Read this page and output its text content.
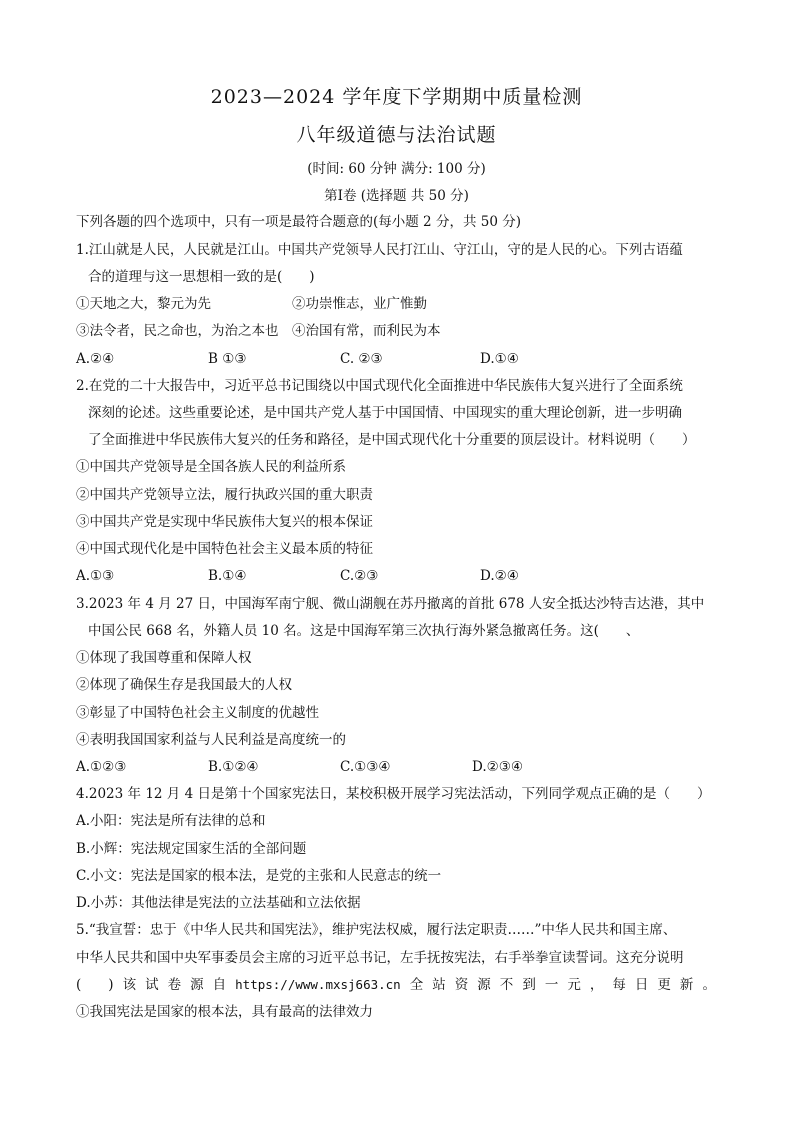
2023—2024 学年度下学期期中质量检测
八年级道德与法治试题
(时间: 60 分钟 满分: 100 分)
第Ⅰ卷 (选择题 共 50 分)
下列各题的四个选项中，只有一项是最符合题意的(每小题 2 分，共 50 分)
1.江山就是人民，人民就是江山。中国共产党领导人民打江山、守江山，守的是人民的心。下列古语蕴
合的道理与这一思想相一致的是(　　)
①天地之大，黎元为先	②功崇惟志，业广惟勤
③法令者，民之命也，为治之本也 ④治国有常，而利民为本
A.②④	B ①③	C. ②③	D.①④
2.在党的二十大报告中，习近平总书记围绕以中国式现代化全面推进中华民族伟大复兴进行了全面系统
深刻的论述。这些重要论述，是中国共产党人基于中国国情、中国现实的重大理论创新，进一步明确
了全面推进中华民族伟大复兴的任务和路径，是中国式现代化十分重要的顶层设计。材料说明（　　）
①中国共产党领导是全国各族人民的利益所系
②中国共产党领导立法，履行执政兴国的重大职责
③中国共产党是实现中华民族伟大复兴的根本保证
④中国式现代化是中国特色社会主义最本质的特征
A.①③	B.①④	C.②③	D.②④
3.2023 年 4 月 27 日，中国海军南宁舰、微山湖舰在苏丹撤离的首批 678 人安全抵达沙特吉达港，其中
中国公民 668 名，外籍人员 10 名。这是中国海军第三次执行海外紧急撤离任务。这(　　、
①体现了我国尊重和保障人权
②体现了确保生存是我国最大的人权
③彰显了中国特色社会主义制度的优越性
④表明我国国家利益与人民利益是高度统一的
A.①②③	B.①②④	C.①③④	D.②③④
4.2023 年 12 月 4 日是第十个国家宪法日，某校积极开展学习宪法活动，下列同学观点正确的是（　　）
A.小阳：宪法是所有法律的总和
B.小辉：宪法规定国家生活的全部问题
C.小文：宪法是国家的根本法，是党的主张和人民意志的统一
D.小苏：其他法律是宪法的立法基础和立法依据
5.“我宣誓：忠于《中华人民共和国宪法》，维护宪法权威，履行法定职责……”中华人民共和国主席、
中华人民共和国中央军事委员会主席的习近平总书记，左手抚按宪法，右手举拳宣读誓词。这充分说明
(　　) 该 试 卷 源 自 https://www.mxsj663.cn 全 站 资 源 不 到 一 元 ， 每 日 更 新 。
①我国宪法是国家的根本法，具有最高的法律效力
